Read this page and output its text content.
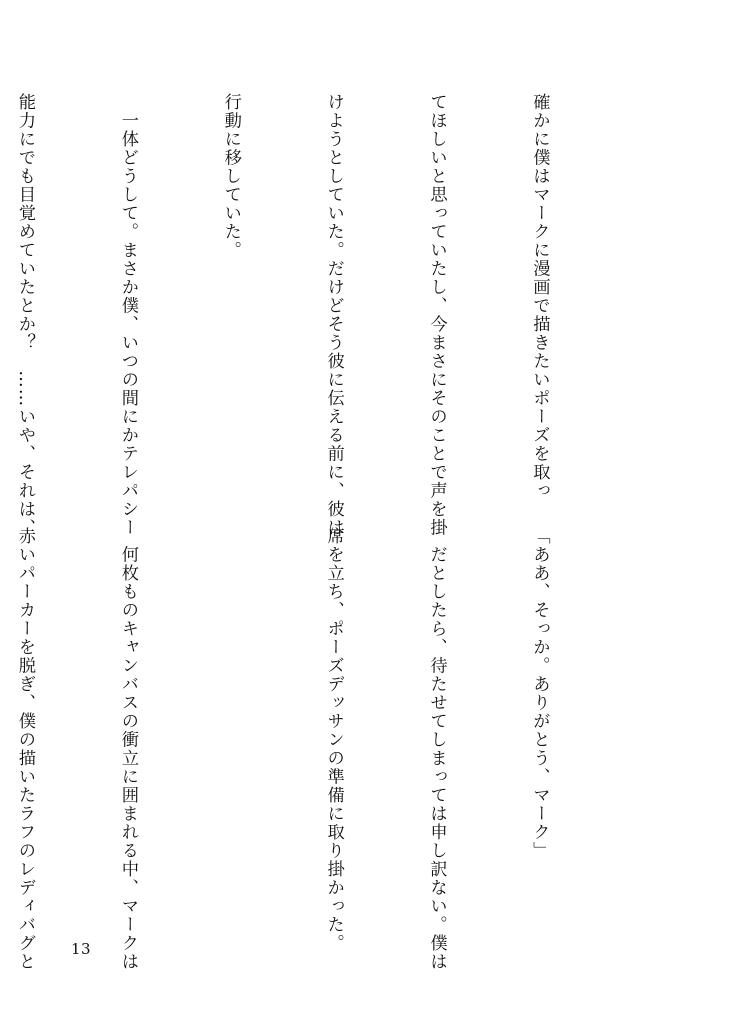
確かに僕はマークに漫画で描きたいポーズを取っ

てほしいと思っていたし、今まさにそのことで声を掛

けようとしていた。だけどそう彼に伝える前に、彼は

行動に移していた。

　一体どうして。まさか僕、いつの間にかテレパシー

能力にでも目覚めていたとか？　……いや、それは、

「ああ、そっか。ありがとう、マーク」

　だとしたら、待たせてしまっては申し訳ない。僕は

席を立ち、ポーズデッサンの準備に取り掛かった。

　何枚ものキャンバスの衝立に囲まれる中、マークは

赤いパーカーを脱ぎ、僕の描いたラフのレディバグと

	13
